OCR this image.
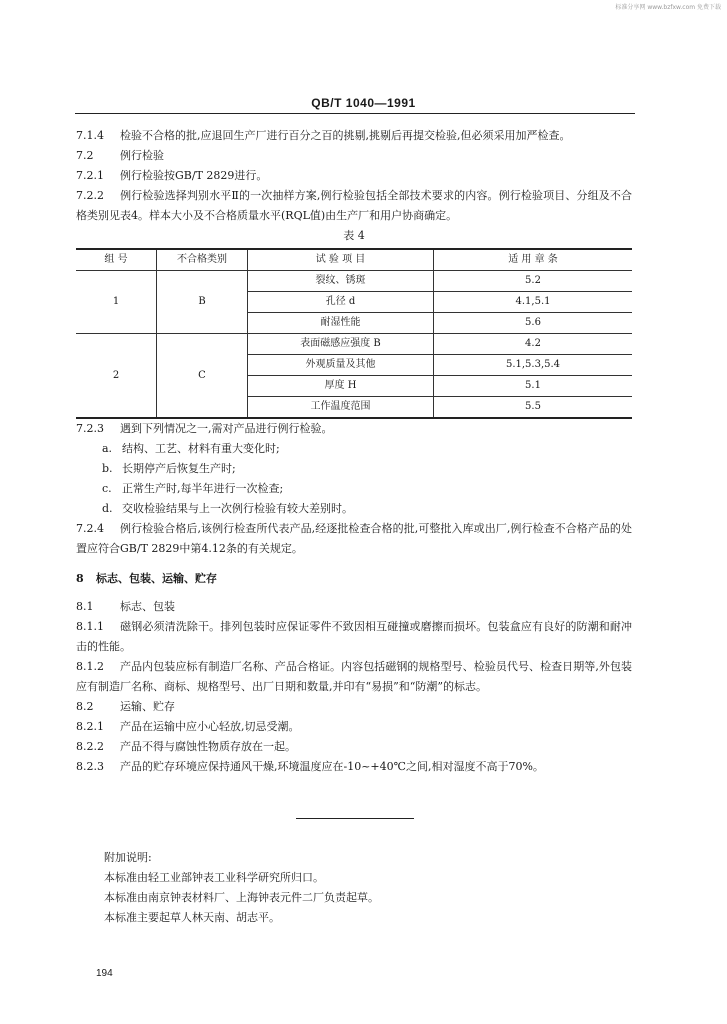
标准分享网 www.bzfxw.com 免费下载
QB/T 1040—1991

7.1.4 检验不合格的批,应退回生产厂进行百分之百的挑剔,挑剔后再提交检验,但必须采用加严检查。

7.2 例行检验

7.2.1 例行检验按GB/T 2829进行。

7.2.2 例行检验选择判别水平Ⅱ的一次抽样方案,例行检验包括全部技术要求的内容。例行检验项目、分组及不合格类别见表4。样本大小及不合格质量水平(RQL值)由生产厂和用户协商确定。

表 4

组 号	不合格类别	试 验 项 目	适 用 章 条
1	B	裂纹、锈斑	5.2
		孔径 d	4.1,5.1
		耐湿性能	5.6
2	C	表面磁感应强度 B	4.2
		外观质量及其他	5.1,5.3,5.4
		厚度 H	5.1
		工作温度范围	5.5

7.2.3 遇到下列情况之一,需对产品进行例行检验。

a. 结构、工艺、材料有重大变化时;

b. 长期停产后恢复生产时;

c. 正常生产时,每半年进行一次检查;

d. 交收检验结果与上一次例行检验有较大差别时。

7.2.4 例行检验合格后,该例行检查所代表产品,经逐批检查合格的批,可整批入库或出厂,例行检查不合格产品的处置应符合GB/T 2829中第4.12条的有关规定。

8 标志、包装、运输、贮存

8.1 标志、包装

8.1.1 磁钢必须清洗除干。排列包装时应保证零件不致因相互碰撞或磨擦而损坏。包装盒应有良好的防潮和耐冲击的性能。

8.1.2 产品内包装应标有制造厂名称、产品合格证。内容包括磁钢的规格型号、检验员代号、检查日期等,外包装应有制造厂名称、商标、规格型号、出厂日期和数量,并印有“易损”和“防潮”的标志。

8.2 运输、贮存

8.2.1 产品在运输中应小心轻放,切忌受潮。

8.2.2 产品不得与腐蚀性物质存放在一起。

8.2.3 产品的贮存环境应保持通风干燥,环境温度应在-10~+40℃之间,相对湿度不高于70%。

附加说明:

本标准由轻工业部钟表工业科学研究所归口。

本标准由南京钟表材料厂、上海钟表元件二厂负责起草。

本标准主要起草人林天南、胡志平。

194
